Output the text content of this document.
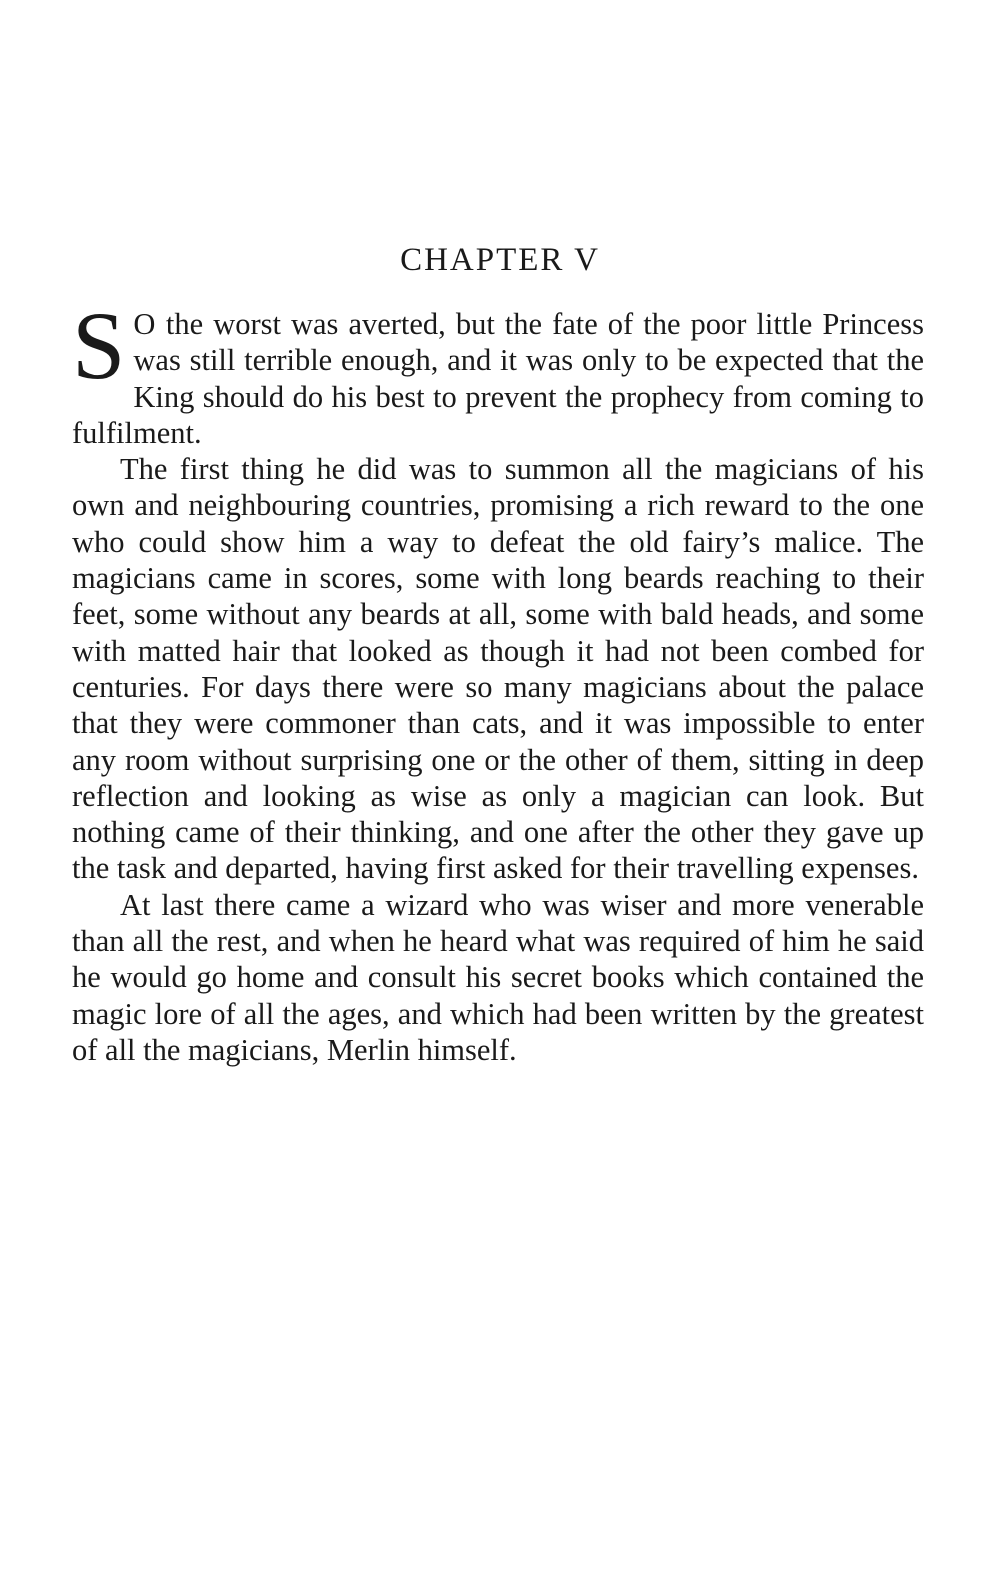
CHAPTER V

S O the worst was averted, but the fate of the poor little Princess was still terrible enough, and it was only to be expected that the King should do his best to prevent the prophecy from coming to fulfilment.

The first thing he did was to summon all the magicians of his own and neighbouring countries, promising a rich reward to the one who could show him a way to defeat the old fairy’s malice. The magicians came in scores, some with long beards reaching to their feet, some without any beards at all, some with bald heads, and some with matted hair that looked as though it had not been combed for centuries. For days there were so many magicians about the palace that they were commoner than cats, and it was impossible to enter any room without surprising one or the other of them, sitting in deep reflection and looking as wise as only a magician can look. But nothing came of their thinking, and one after the other they gave up the task and departed, having first asked for their travelling expenses.

At last there came a wizard who was wiser and more venerable than all the rest, and when he heard what was required of him he said he would go home and consult his secret books which contained the magic lore of all the ages, and which had been written by the greatest of all the magicians, Merlin himself.
